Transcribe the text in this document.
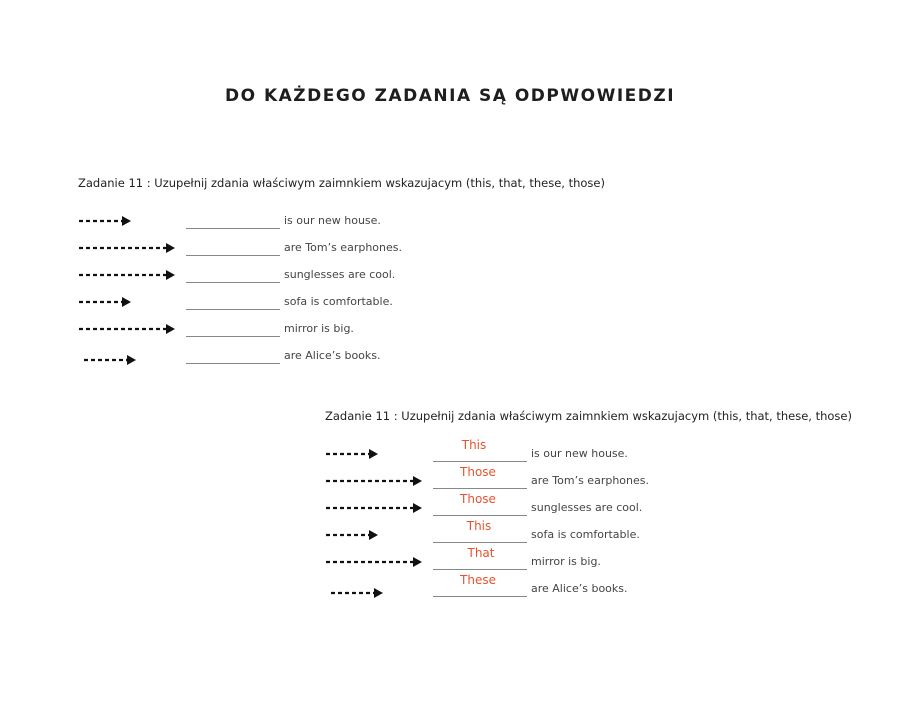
DO KAŻDEGO ZADANIA SĄ ODPWOWIEDZI
Zadanie 11 : Uzupełnij zdania właściwym zaimnkiem wskazujacym (this, that, these, those)
is our new house.
are Tom’s earphones.
sunglesses are cool.
sofa is comfortable.
mirror is big.
are Alice’s books.
Zadanie 11 : Uzupełnij zdania właściwym zaimnkiem wskazujacym (this, that, these, those)
This
is our new house.
Those
are Tom’s earphones.
Those
sunglesses are cool.
This
sofa is comfortable.
That
mirror is big.
These
are Alice’s books.
